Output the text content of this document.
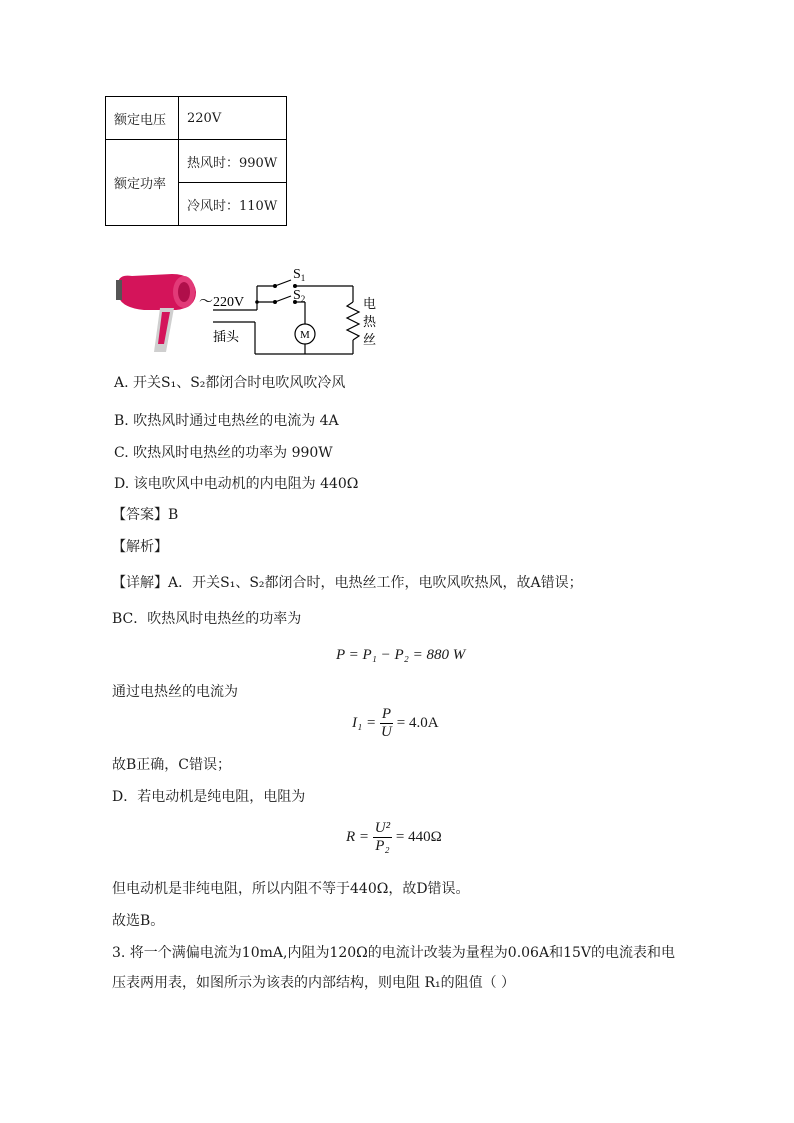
额定电压	220V
额定功率	热风时：990W
	冷风时：110W
～220V
$S_1$
$S_2$
M
插头
电
热
丝
A. 开关S₁、S₂都闭合时电吹风吹冷风
B. 吹热风时通过电热丝的电流为 4A
C. 吹热风时电热丝的功率为 990W
D. 该电吹风中电动机的内电阻为 440Ω
【答案】B
【解析】
【详解】A．开关S₁、S₂都闭合时，电热丝工作，电吹风吹热风，故A错误；
BC．吹热风时电热丝的功率为
P = P₁ − P₂ = 880 W
通过电热丝的电流为
$I_1 = \frac{P}{U} = 4.0A$
故B正确，C错误；
D．若电动机是纯电阻，电阻为
$R = \frac{\text{U²}}{\text{P₂}} = 440\Omega$
但电动机是非纯电阻，所以内阻不等于440Ω，故D错误。
故选B。
3. 将一个满偏电流为10mA,内阻为120Ω的电流计改装为量程为0.06A和15V的电流表和电
压表两用表，如图所示为该表的内部结构，则电阻 R₁的阻值（ ）
